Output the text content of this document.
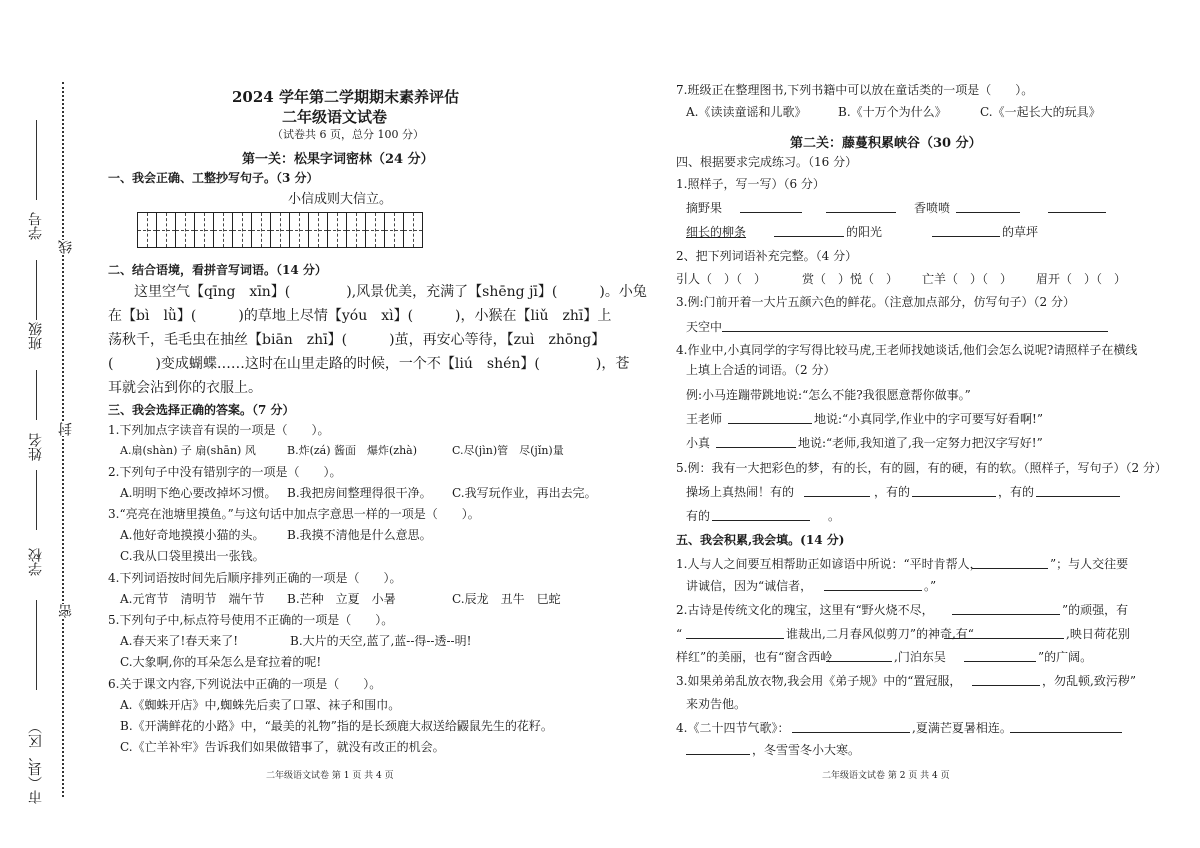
市（县、区）
学校
姓名
班级
学号
密
封
线
2024 学年第二学期期末素养评估
二年级语文试卷
（试卷共 6 页，总分 100 分）
第一关：松果字词密林（24 分）
一、我会正确、工整抄写句子。（3 分）
小信成则大信立。
二、结合语境，看拼音写词语。（14 分）
这里空气【qīng　xīn】(　　　　),风景优美，充满了【shēng jī】(　　　)。小兔
在【bì　lǜ】(　　　)的草地上尽情【yóu　xì】(　　　)，小猴在【liǔ　zhī】上
荡秋千，毛毛虫在抽丝【biān　zhī】(　　　)茧，再安心等待，【zuì　zhōng】
(　　　)变成蝴蝶……这时在山里走路的时候，一个不【liú　shén】(　　　　)，苍
耳就会沾到你的衣服上。
三、我会选择正确的答案。（7 分）
1.下列加点字读音有误的一项是（　　）。
A.扇(shàn) 子 扇(shān) 风	B.炸(zá) 酱面　爆炸(zhà)	C.尽(jìn)管　尽(jǐn)量
2.下列句子中没有错别字的一项是（　　）。
A.明明下绝心要改掉坏习惯。 B.我把房间整理得很干净。 C.我写玩作业，再出去完。
3.“亮亮在池塘里摸鱼。”与这句话中加点字意思一样的一项是（　　）。
A.他好奇地摸摸小猫的头。 B.我摸不清他是什么意思。
C.我从口袋里摸出一张钱。
4.下列词语按时间先后顺序排列正确的一项是（　　）。
A.元宵节　清明节　端午节 B.芒种　立夏　小暑	C.辰龙　丑牛　巳蛇
5.下列句子中,标点符号使用不正确的一项是（　　）。
A.春天来了!春天来了!	B.大片的天空,蓝了,蓝--得--透--明!
C.大象啊,你的耳朵怎么是耷拉着的呢!
6.关于课文内容,下列说法中正确的一项是（　　）。
A.《蜘蛛开店》中,蜘蛛先后卖了口罩、袜子和围巾。
B.《开满鲜花的小路》中，“最美的礼物”指的是长颈鹿大叔送给鼹鼠先生的花籽。
C.《亡羊补牢》告诉我们如果做错事了，就没有改正的机会。
二年级语文试卷 第 1 页 共 4 页
7.班级正在整理图书,下列书籍中可以放在童话类的一项是（　　）。
A.《读读童谣和儿歌》	B.《十万个为什么》	C.《一起长大的玩具》
第二关：藤蔓积累峡谷（30 分）
四、根据要求完成练习。（16 分）
1.照样子，写一写）（6 分）
摘野果	香喷喷
细长的柳条	的阳光	的草坪
2、把下列词语补充完整。（4 分）
引人（　）（　）	赏（　）悦（　） 亡羊（　）（　） 眉开（　）（　）
3.例:门前开着一大片五颜六色的鲜花。（注意加点部分，仿写句子）（2 分）
天空中
4.作业中,小真同学的字写得比较马虎,王老师找她谈话,他们会怎么说呢?请照样子在横线
上填上合适的词语。（2 分）
例:小马连蹦带跳地说:“怎么不能?我很愿意帮你做事。”
王老师	地说:“小真同学,作业中的字可要写好看啊!”
小真	地说:“老师,我知道了,我一定努力把汉字写好!”
5.例：我有一大把彩色的梦，有的长，有的圆，有的硬，有的软。（照样子，写句子）（2 分）
操场上真热闹！有的	，有的	，有的
有的	。
五、我会积累,我会填。(14 分)
1.人与人之间要互相帮助正如谚语中所说：“平时肯帮人，	”；与人交往要
讲诚信，因为“诚信者，	。”
2.古诗是传统文化的瑰宝，这里有“野火烧不尽，	”的顽强，有
“	谁裁出,二月春风似剪刀”的神奇,有“	,映日荷花别
样红”的美丽，也有“窗含西岭	,门泊东吴	”的广阔。
3.如果弟弟乱放衣物,我会用《弟子规》中的“置冠服，	，勿乱顿,致污秽”
来劝告他。
4.《二十四节气歌》：	,夏满芒夏暑相连。
，冬雪雪冬小大寒。
二年级语文试卷 第 2 页 共 4 页
